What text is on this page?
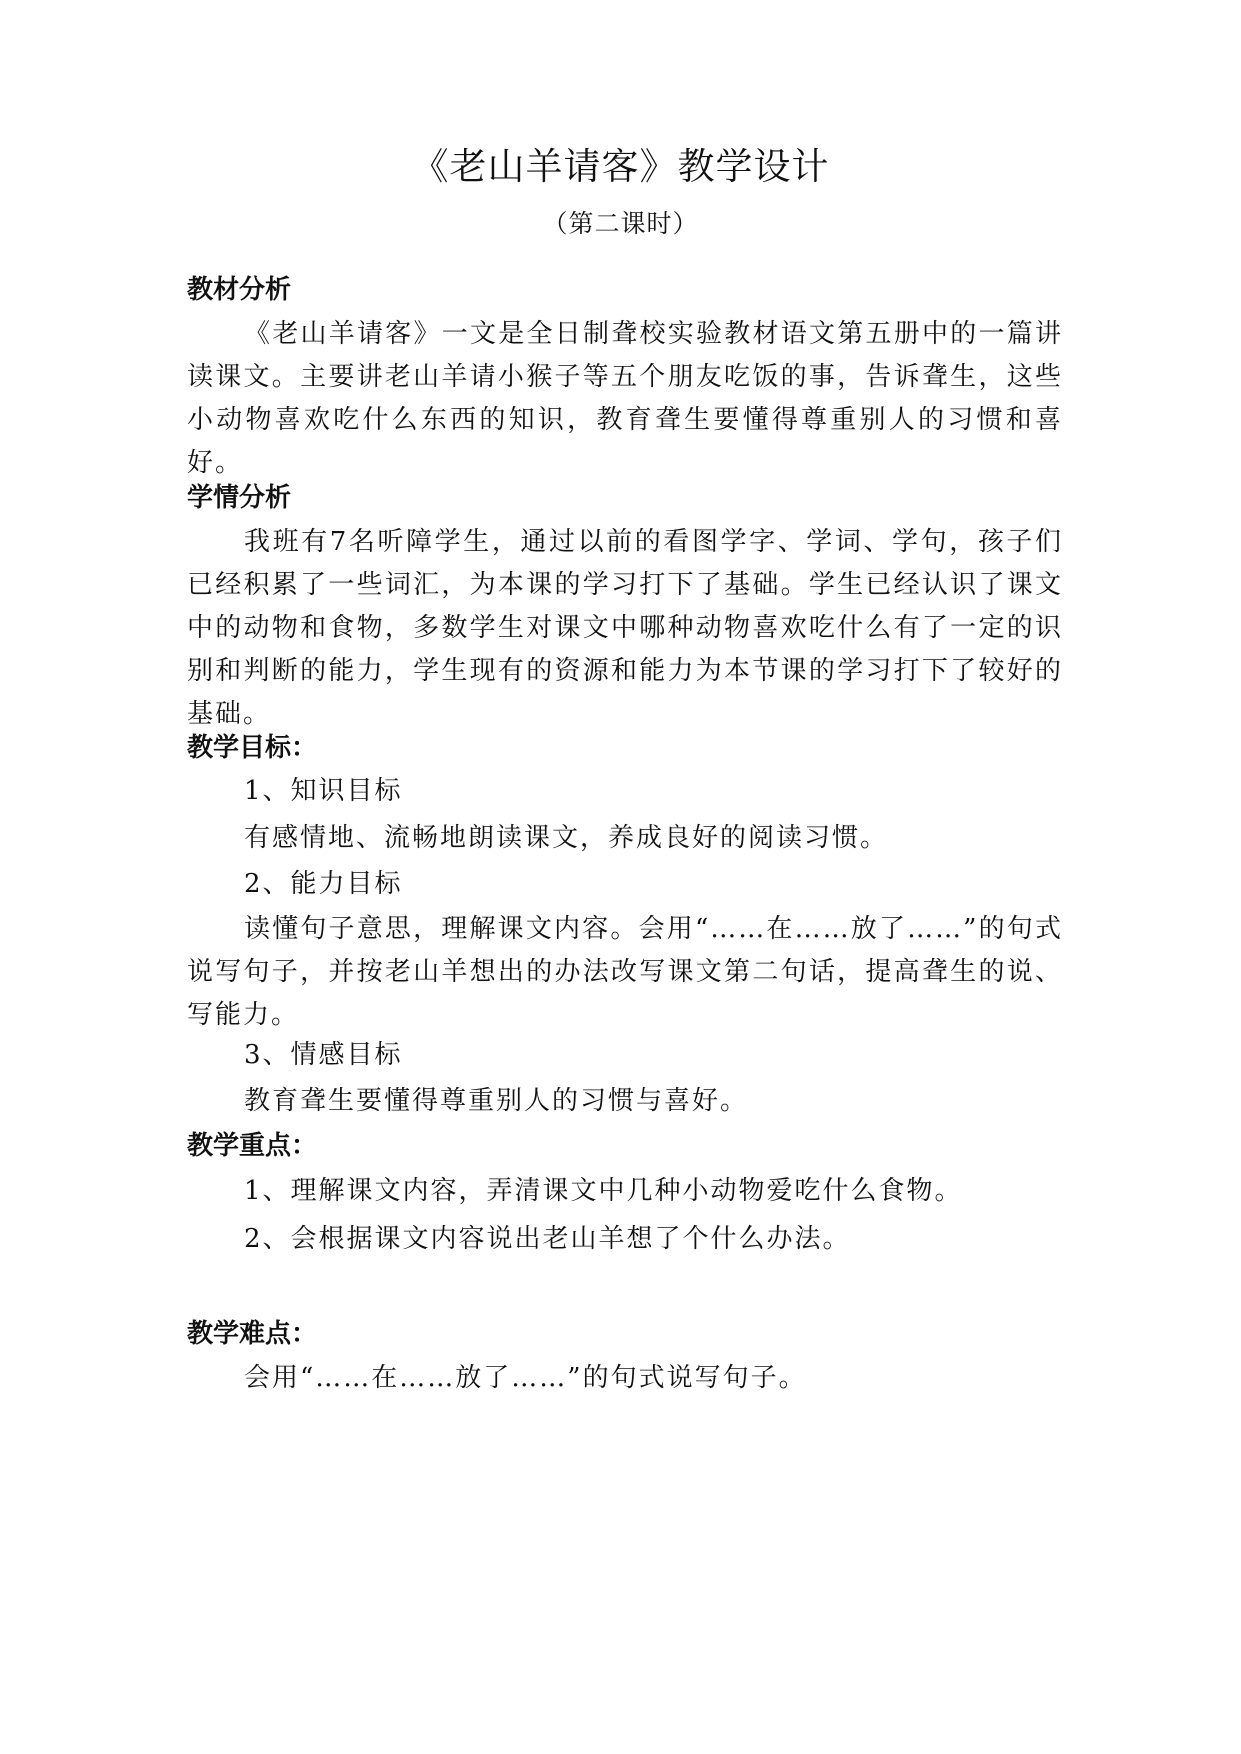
《老山羊请客》教学设计
（第二课时）
教材分析
《老山羊请客》一文是全日制聋校实验教材语文第五册中的一篇讲读课文。主要讲老山羊请小猴子等五个朋友吃饭的事，告诉聋生，这些小动物喜欢吃什么东西的知识，教育聋生要懂得尊重别人的习惯和喜好。
学情分析
我班有7名听障学生，通过以前的看图学字、学词、学句，孩子们已经积累了一些词汇，为本课的学习打下了基础。学生已经认识了课文中的动物和食物，多数学生对课文中哪种动物喜欢吃什么有了一定的识别和判断的能力，学生现有的资源和能力为本节课的学习打下了较好的基础。
教学目标：
1、知识目标
有感情地、流畅地朗读课文，养成良好的阅读习惯。
2、能力目标
读懂句子意思，理解课文内容。会用“……在……放了……”的句式说写句子，并按老山羊想出的办法改写课文第二句话，提高聋生的说、写能力。
3、情感目标
教育聋生要懂得尊重别人的习惯与喜好。
教学重点：
1、理解课文内容，弄清课文中几种小动物爱吃什么食物。
2、会根据课文内容说出老山羊想了个什么办法。
教学难点：
会用“……在……放了……”的句式说写句子。
